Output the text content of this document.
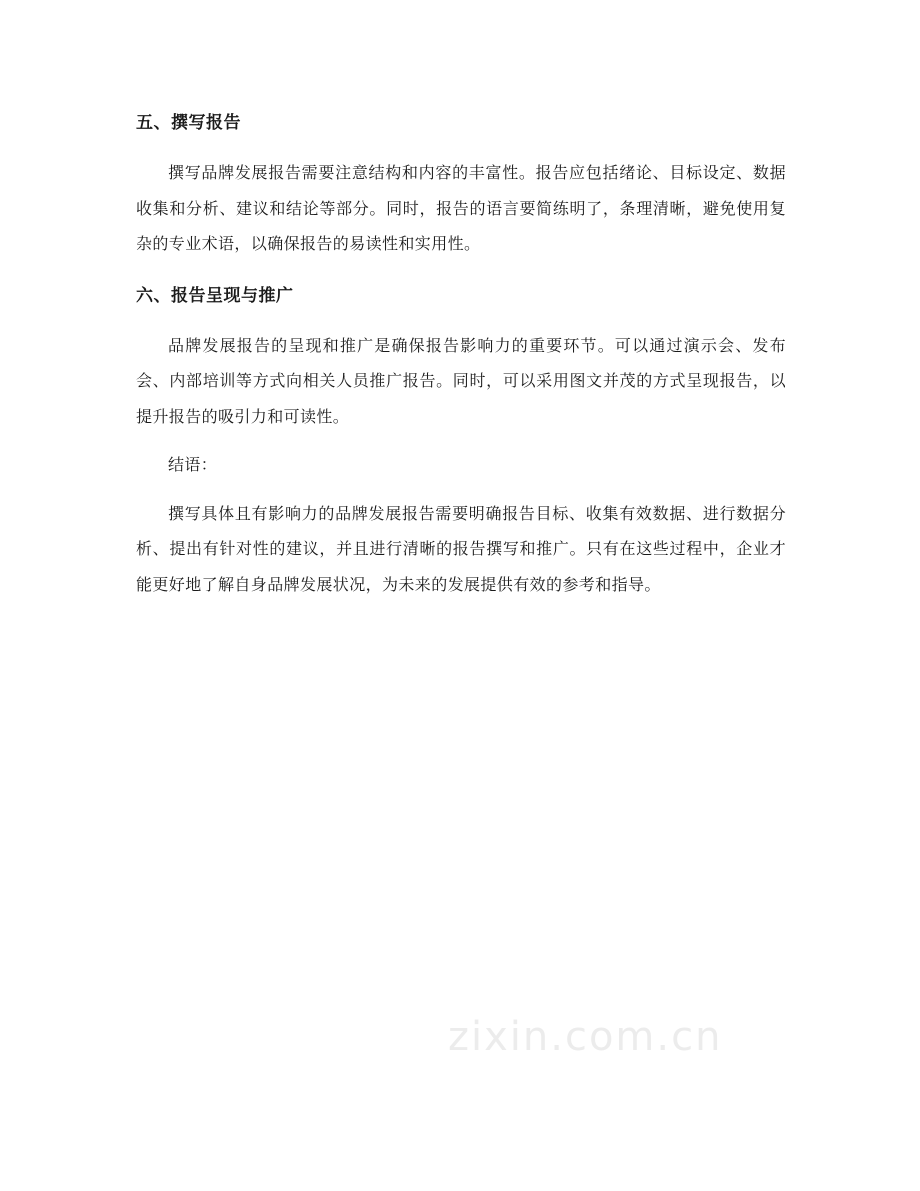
五、撰写报告

撰写品牌发展报告需要注意结构和内容的丰富性。报告应包括绪论、目标设定、数据收集和分析、建议和结论等部分。同时，报告的语言要简练明了，条理清晰，避免使用复杂的专业术语，以确保报告的易读性和实用性。

六、报告呈现与推广

品牌发展报告的呈现和推广是确保报告影响力的重要环节。可以通过演示会、发布会、内部培训等方式向相关人员推广报告。同时，可以采用图文并茂的方式呈现报告，以提升报告的吸引力和可读性。

结语：

撰写具体且有影响力的品牌发展报告需要明确报告目标、收集有效数据、进行数据分析、提出有针对性的建议，并且进行清晰的报告撰写和推广。只有在这些过程中，企业才能更好地了解自身品牌发展状况，为未来的发展提供有效的参考和指导。

zixin.com.cn
